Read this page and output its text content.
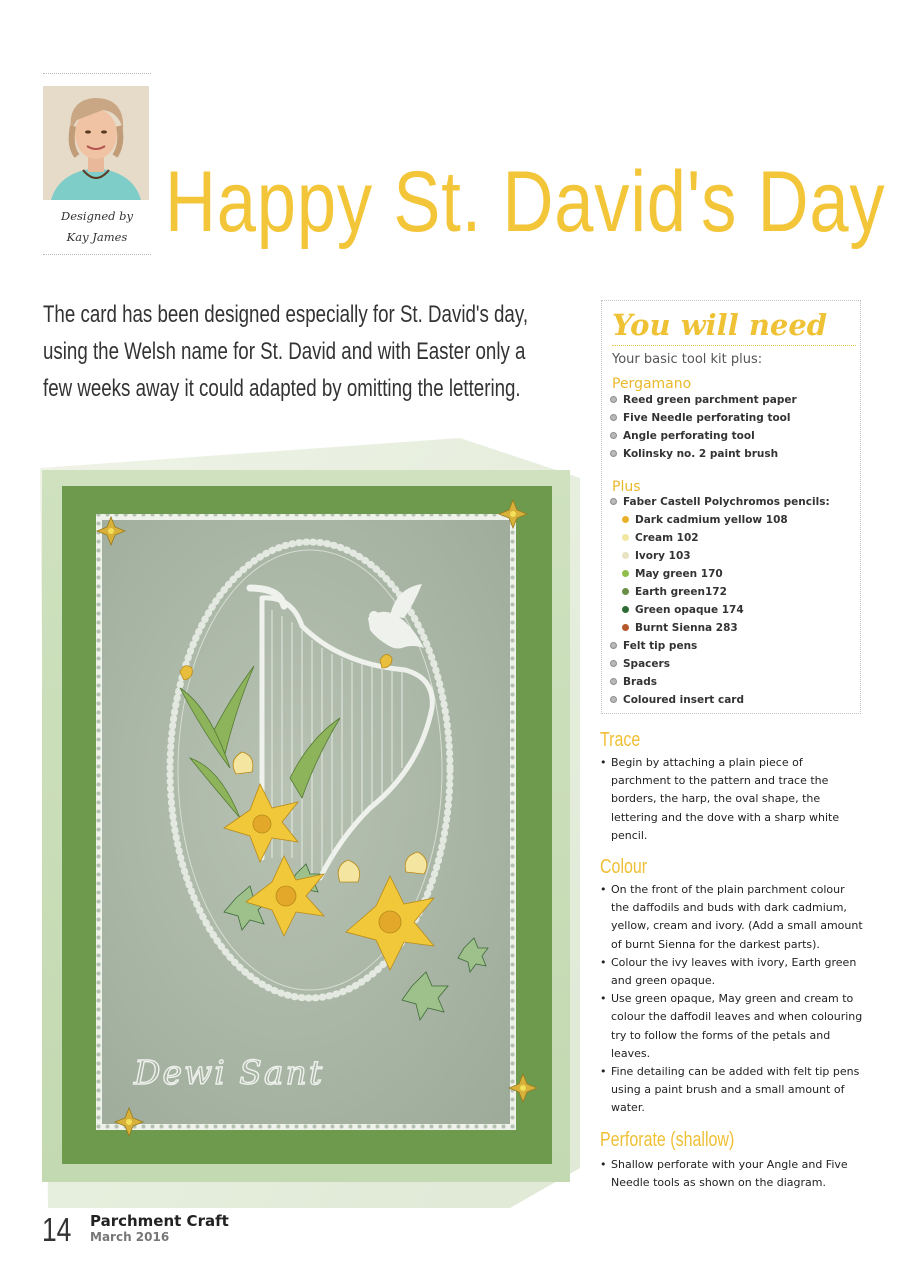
Designed by
Kay James Happy St. David's Day

The card has been designed especially for St. David's day, using the Welsh name for St. David and with Easter only a few weeks away it could adapted by omitting the lettering.

You will need
Your basic tool kit plus:
Pergamano
Reed green parchment paper
Five Needle perforating tool
Angle perforating tool
Kolinsky no. 2 paint brush
Plus
Faber Castell Polychromos pencils:
Dark cadmium yellow 108
Cream 102
Ivory 103
May green 170
Earth green172
Green opaque 174
Burnt Sienna 283
Felt tip pens
Spacers
Brads
Coloured insert card
Trace
• Begin by attaching a plain piece of parchment to the pattern and trace the borders, the harp, the oval shape, the lettering and the dove with a sharp white pencil.
Colour
• On the front of the plain parchment colour the daffodils and buds with dark cadmium, yellow, cream and ivory. (Add a small amount of burnt Sienna for the darkest parts).
• Colour the ivy leaves with ivory, Earth green and green opaque.
• Use green opaque, May green and cream to colour the daffodil leaves and when colouring try to follow the forms of the petals and leaves.
• Fine detailing can be added with felt tip pens using a paint brush and a small amount of water.
Perforate (shallow)
• Shallow perforate with your Angle and Five Needle tools as shown on the diagram.
Dewi Sant
14 Parchment Craft
March 2016
